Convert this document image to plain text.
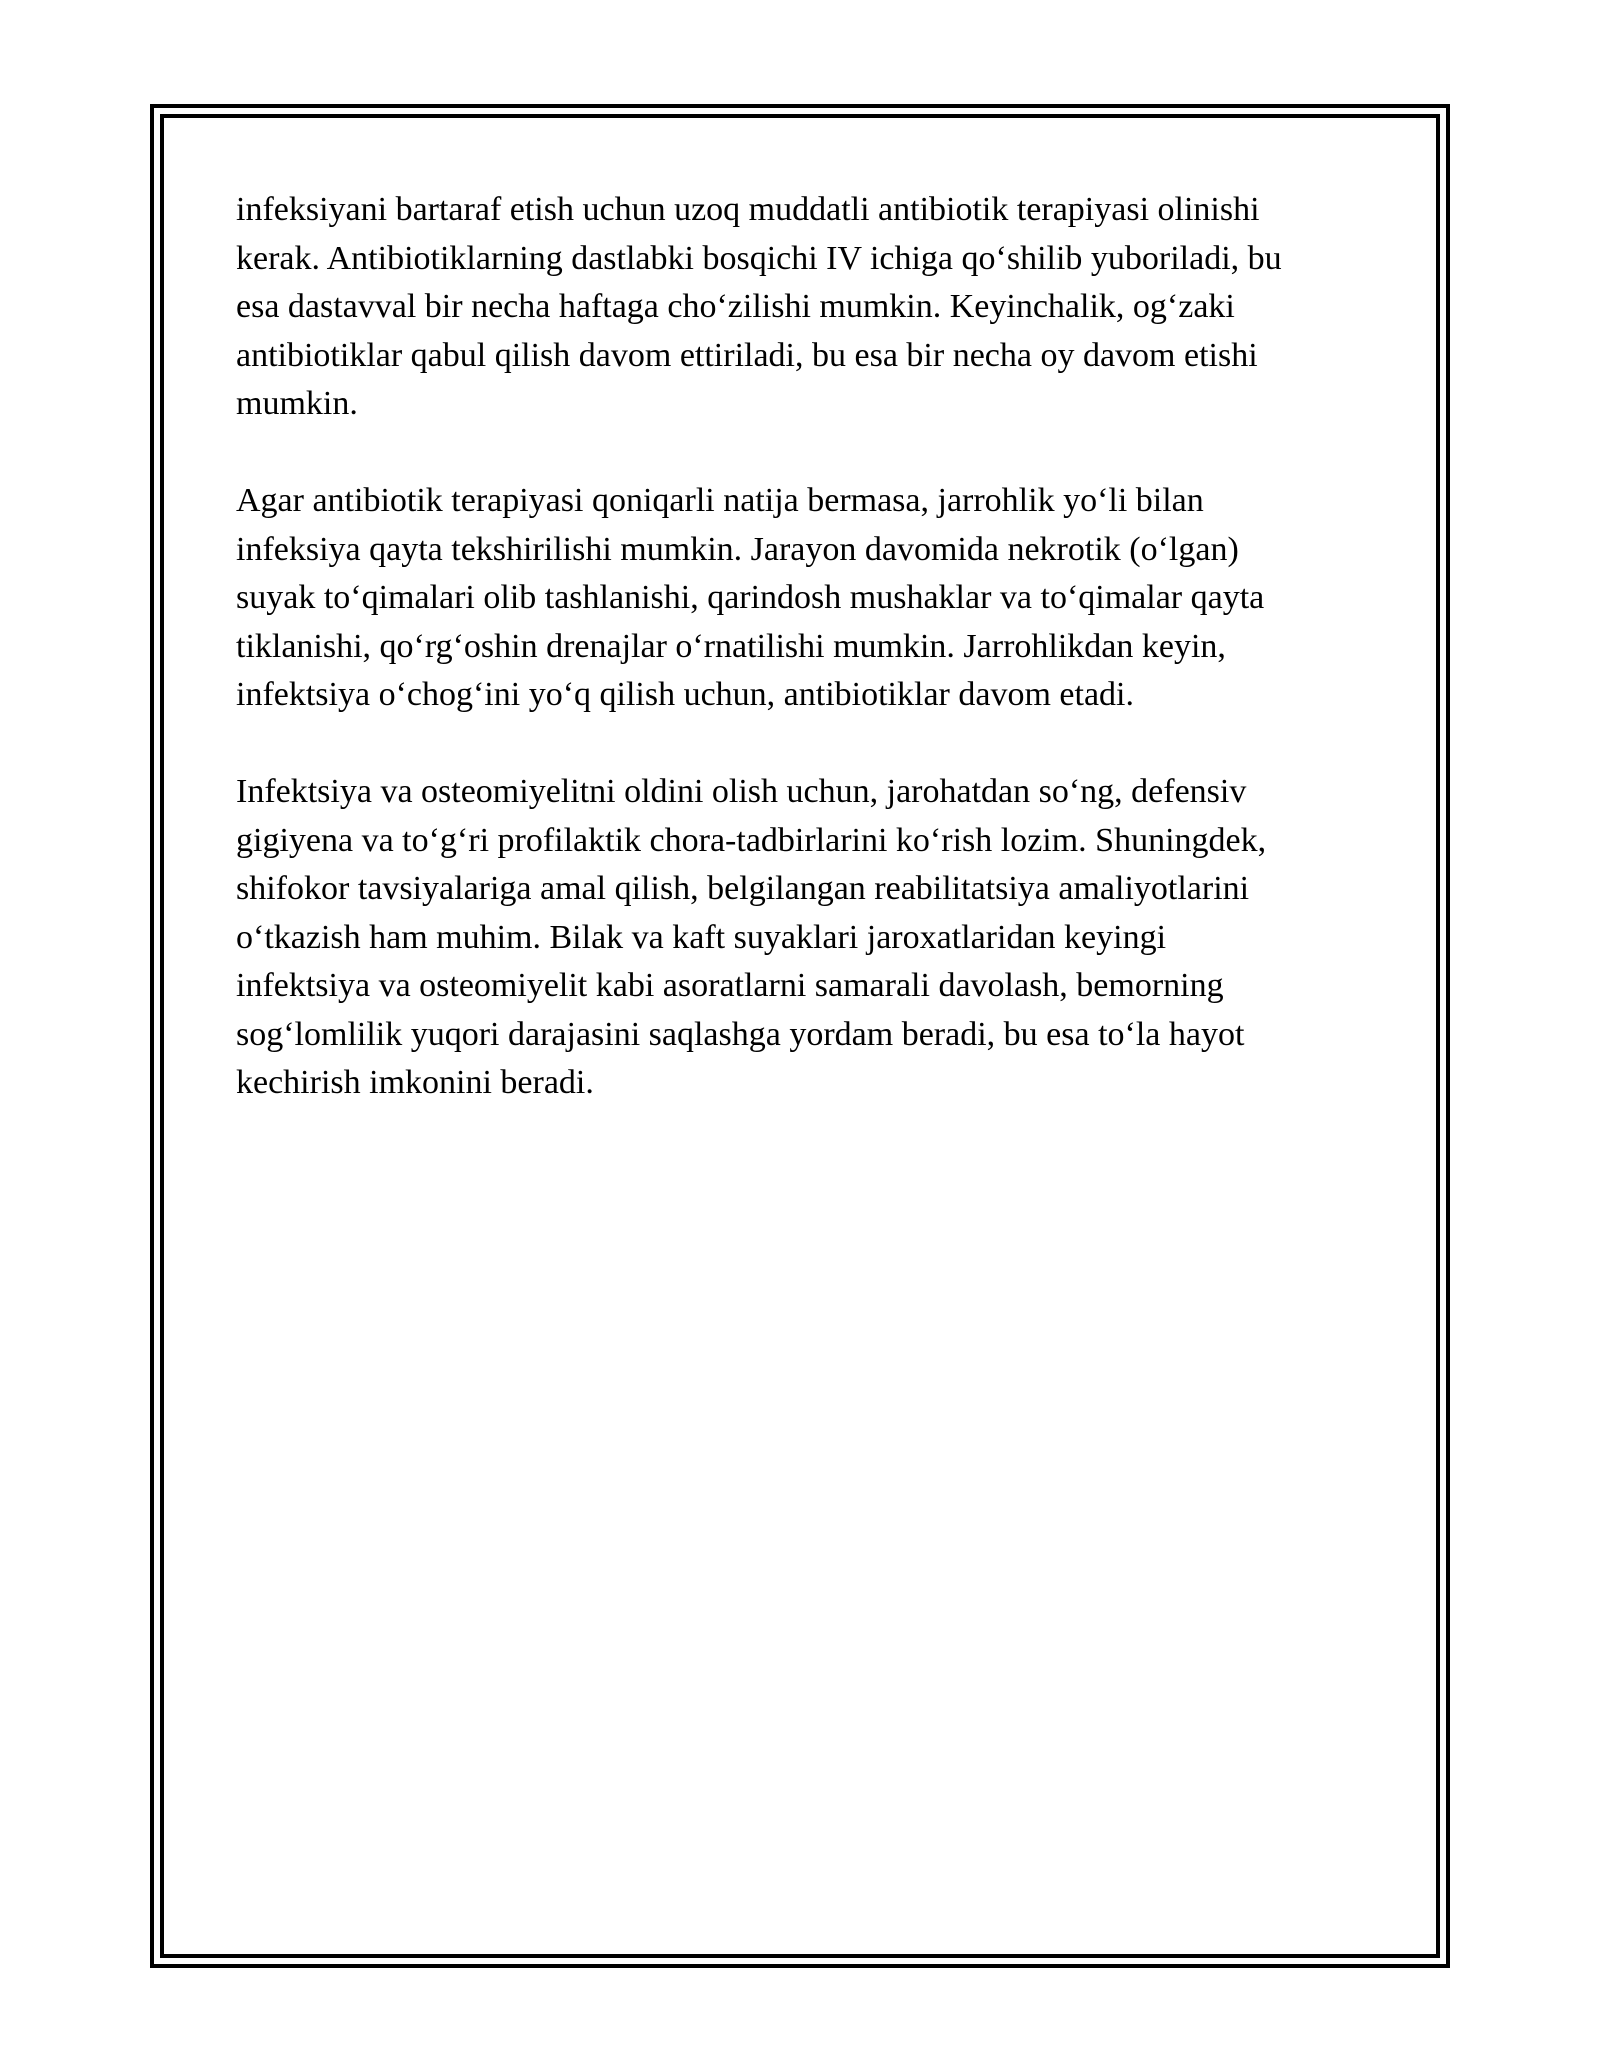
infeksiyani bartaraf etish uchun uzoq muddatli antibiotik terapiyasi olinishi
kerak. Antibiotiklarning dastlabki bosqichi IV ichiga qo‘shilib yuboriladi, bu
esa dastavval bir necha haftaga cho‘zilishi mumkin. Keyinchalik, og‘zaki
antibiotiklar qabul qilish davom ettiriladi, bu esa bir necha oy davom etishi
mumkin.

Agar antibiotik terapiyasi qoniqarli natija bermasa, jarrohlik yo‘li bilan
infeksiya qayta tekshirilishi mumkin. Jarayon davomida nekrotik (o‘lgan)
suyak to‘qimalari olib tashlanishi, qarindosh mushaklar va to‘qimalar qayta
tiklanishi, qo‘rg‘oshin drenajlar o‘rnatilishi mumkin. Jarrohlikdan keyin,
infektsiya o‘chog‘ini yo‘q qilish uchun, antibiotiklar davom etadi.

Infektsiya va osteomiyelitni oldini olish uchun, jarohatdan so‘ng, defensiv
gigiyena va to‘g‘ri profilaktik chora-tadbirlarini ko‘rish lozim. Shuningdek,
shifokor tavsiyalariga amal qilish, belgilangan reabilitatsiya amaliyotlarini
o‘tkazish ham muhim. Bilak va kaft suyaklari jaroxatlaridan keyingi
infektsiya va osteomiyelit kabi asoratlarni samarali davolash, bemorning
sog‘lomlilik yuqori darajasini saqlashga yordam beradi, bu esa to‘la hayot
kechirish imkonini beradi.
